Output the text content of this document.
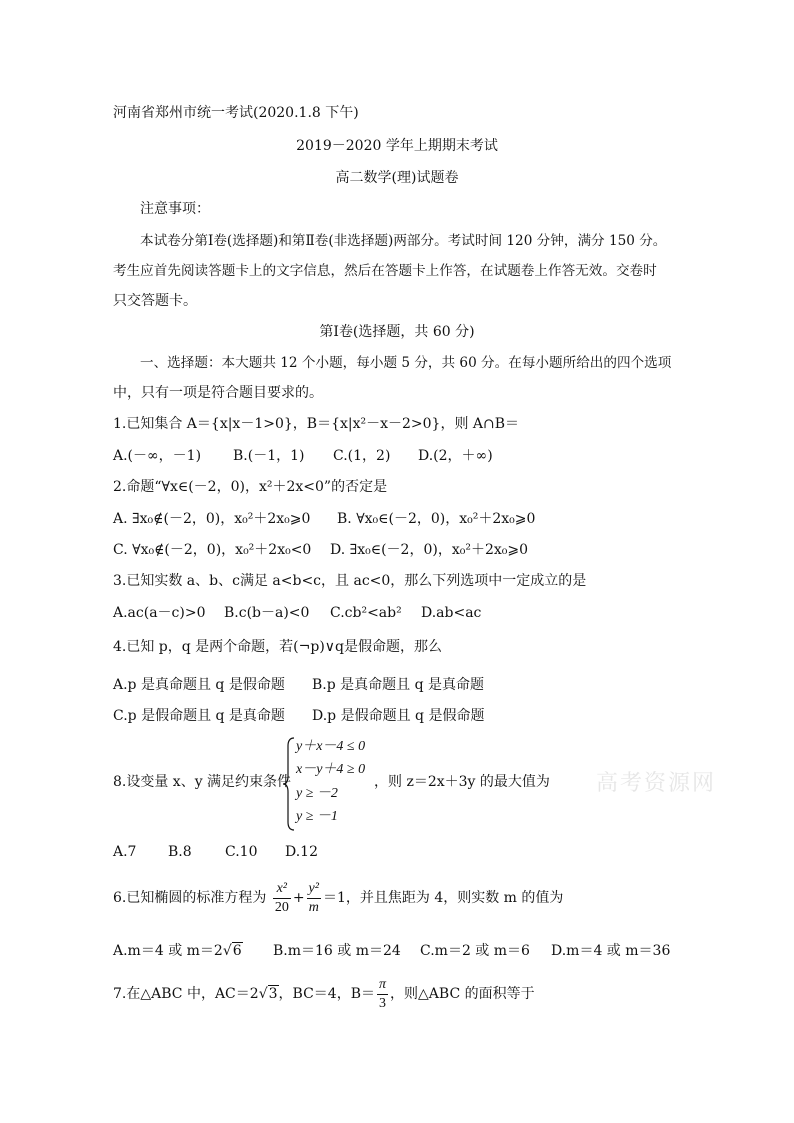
河南省郑州市统一考试(2020.1.8 下午)
2019－2020 学年上期期末考试
高二数学(理)试题卷
注意事项：
本试卷分第Ⅰ卷(选择题)和第Ⅱ卷(非选择题)两部分。考试时间 120 分钟，满分 150 分。
考生应首先阅读答题卡上的文字信息，然后在答题卡上作答，在试题卷上作答无效。交卷时
只交答题卡。
第Ⅰ卷(选择题，共 60 分)
一、选择题：本大题共 12 个小题，每小题 5 分，共 60 分。在每小题所给出的四个选项
中，只有一项是符合题目要求的。
1.已知集合 A＝{x|x－1>0}，B＝{x|x²－x－2>0}，则 A∩B＝
A.(－∞，－1) B.(－1，1) C.(1，2) D.(2，＋∞)
2.命题“∀x∈(－2，0)，x²＋2x<0”的否定是
A. ∃x₀∉(－2，0)，x₀²＋2x₀⩾0 B. ∀x₀∈(－2，0)，x₀²＋2x₀⩾0
C. ∀x₀∉(－2，0)，x₀²＋2x₀<0 D. ∃x₀∈(－2，0)，x₀²＋2x₀⩾0
3.已知实数 a、b、c满足 a<b<c，且 ac<0，那么下列选项中一定成立的是
A.ac(a－c)>0 B.c(b－a)<0 C.cb²<ab² D.ab<ac
4.已知 p，q 是两个命题，若(¬p)∨q是假命题，那么
A.p 是真命题且 q 是假命题 B.p 是真命题且 q 是真命题
C.p 是假命题且 q 是真命题 D.p 是假命题且 q 是假命题
8.设变量 x、y 满足约束条件
y＋x－4 ≤ 0
x－y＋4 ≥ 0
y ≥ －2
y ≥ －1
，则 z＝2x＋3y 的最大值为 高考资源网
A.7 B.8 C.10 D.12
6.已知椭圆的标准方程为 $\frac{\text{x²}}{20} + \frac{\text{y²}}{m} =1$，并且焦距为 4，则实数 m 的值为
A.m＝4 或 m＝2√6 B.m＝16 或 m＝24 C.m＝2 或 m＝6 D.m＝4 或 m＝36
7.在△ABC 中，AC＝2√3，BC＝4，$B= \frac{\pi}{3}$ ，则△ABC 的面积等于
